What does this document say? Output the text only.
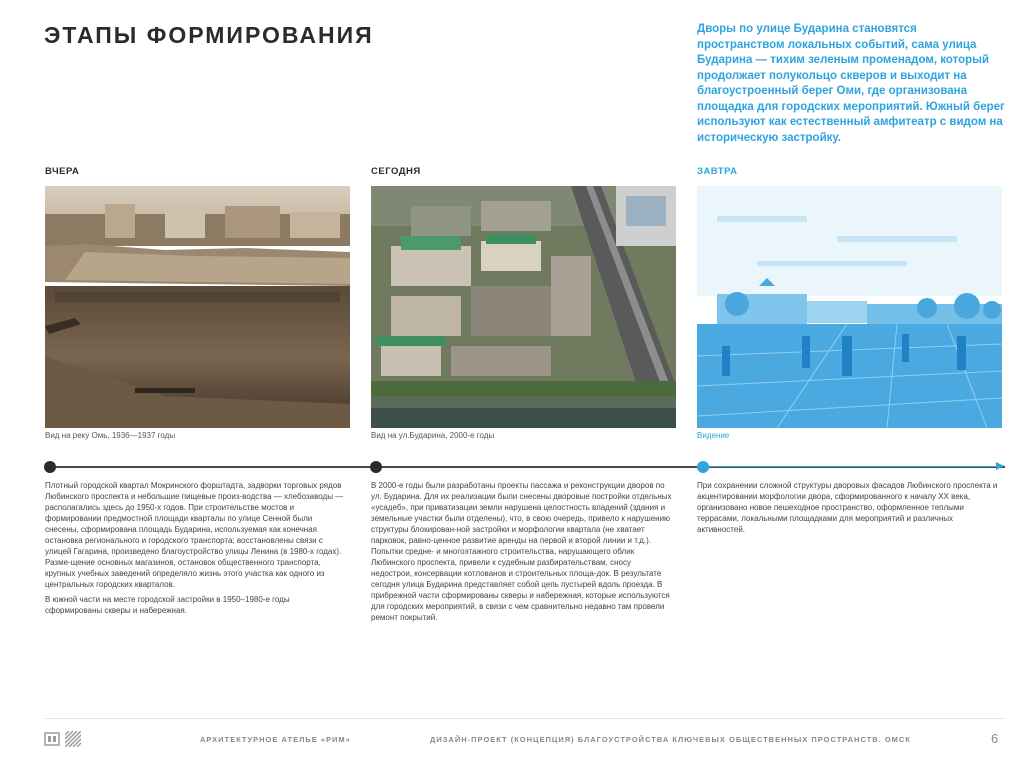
ЭТАПЫ ФОРМИРОВАНИЯ	Дворы по улице Бударина становятся пространством локальных событий, сама улица Бударина — тихим зеленым променадом, который продолжает полукольцо скверов и выходит на благоустроенный берег Оми, где организована площадка для городских мероприятий. Южный берег используют как естественный амфитеатр с видом на историческую застройку.

ВЧЕРА
Вид на реку Омь, 1936—1937 годы
СЕГОДНЯ
Вид на ул.Бударина, 2000-е годы
ЗАВТРА
Видение

Плотный городской квартал Мокринского форштадта, задворки торговых рядов Любинского проспекта и небольшие пищевые произ-водства — хлебозаводы — располагались здесь до 1950-х годов. При строительстве мостов и формировании предмостной площади кварталы по улице Сенной были снесены, сформирована площадь Бударина, используемая как конечная остановка регионального и городского транспорта; восстановлены связи с улицей Гагарина, произведено благоустройство улицы Ленина (в 1980-х годах). Разме-щение основных магазинов, остановок общественного транспорта, крупных учебных заведений определяло жизнь этого участка как одного из центральных городских кварталов.

В южной части на месте городской застройки в 1950–1980-е годы сформированы скверы и набережная.

В 2000-е годы были разработаны проекты пассажа и реконструкции дворов по ул. Бударина. Для их реализации были снесены дворовые постройки отдельных «усадеб», при приватизации земли нарушена целостность владений (здания и земельные участки были отделены), что, в свою очередь, привело к нарушению структуры блокирован-ной застройки и морфологии квартала (не хватает парковок, равно-ценное развитие аренды на первой и второй линии и т.д.). Попытки средне- и многоэтажного строительства, нарушающего облик Любинского проспекта, привели к судебным разбирательствам, сносу недострои, консервации котлованов и строительных площа-док. В результате сегодня улица Бударина представляет собой цепь пустырей вдоль проезда. В прибрежной части сформированы скверы и набережная, которые используются для городских мероприятий, в связи с чем сравнительно недавно там провели ремонт покрытий.

При сохранении сложной структуры дворовых фасадов Любинского проспекта и акцентировании морфологии двора, сформированного к началу XX века, организовано новое пешеходное пространство, оформленное теплыми террасами, локальными площадками для мероприятий и различных активностей.

АРХИТЕКТУРНОЕ АТЕЛЬЕ «РИМ»	ДИЗАЙН-ПРОЕКТ (КОНЦЕПЦИЯ) БЛАГОУСТРОЙСТВА КЛЮЧЕВЫХ ОБЩЕСТВЕННЫХ ПРОСТРАНСТВ. ОМСК	6
